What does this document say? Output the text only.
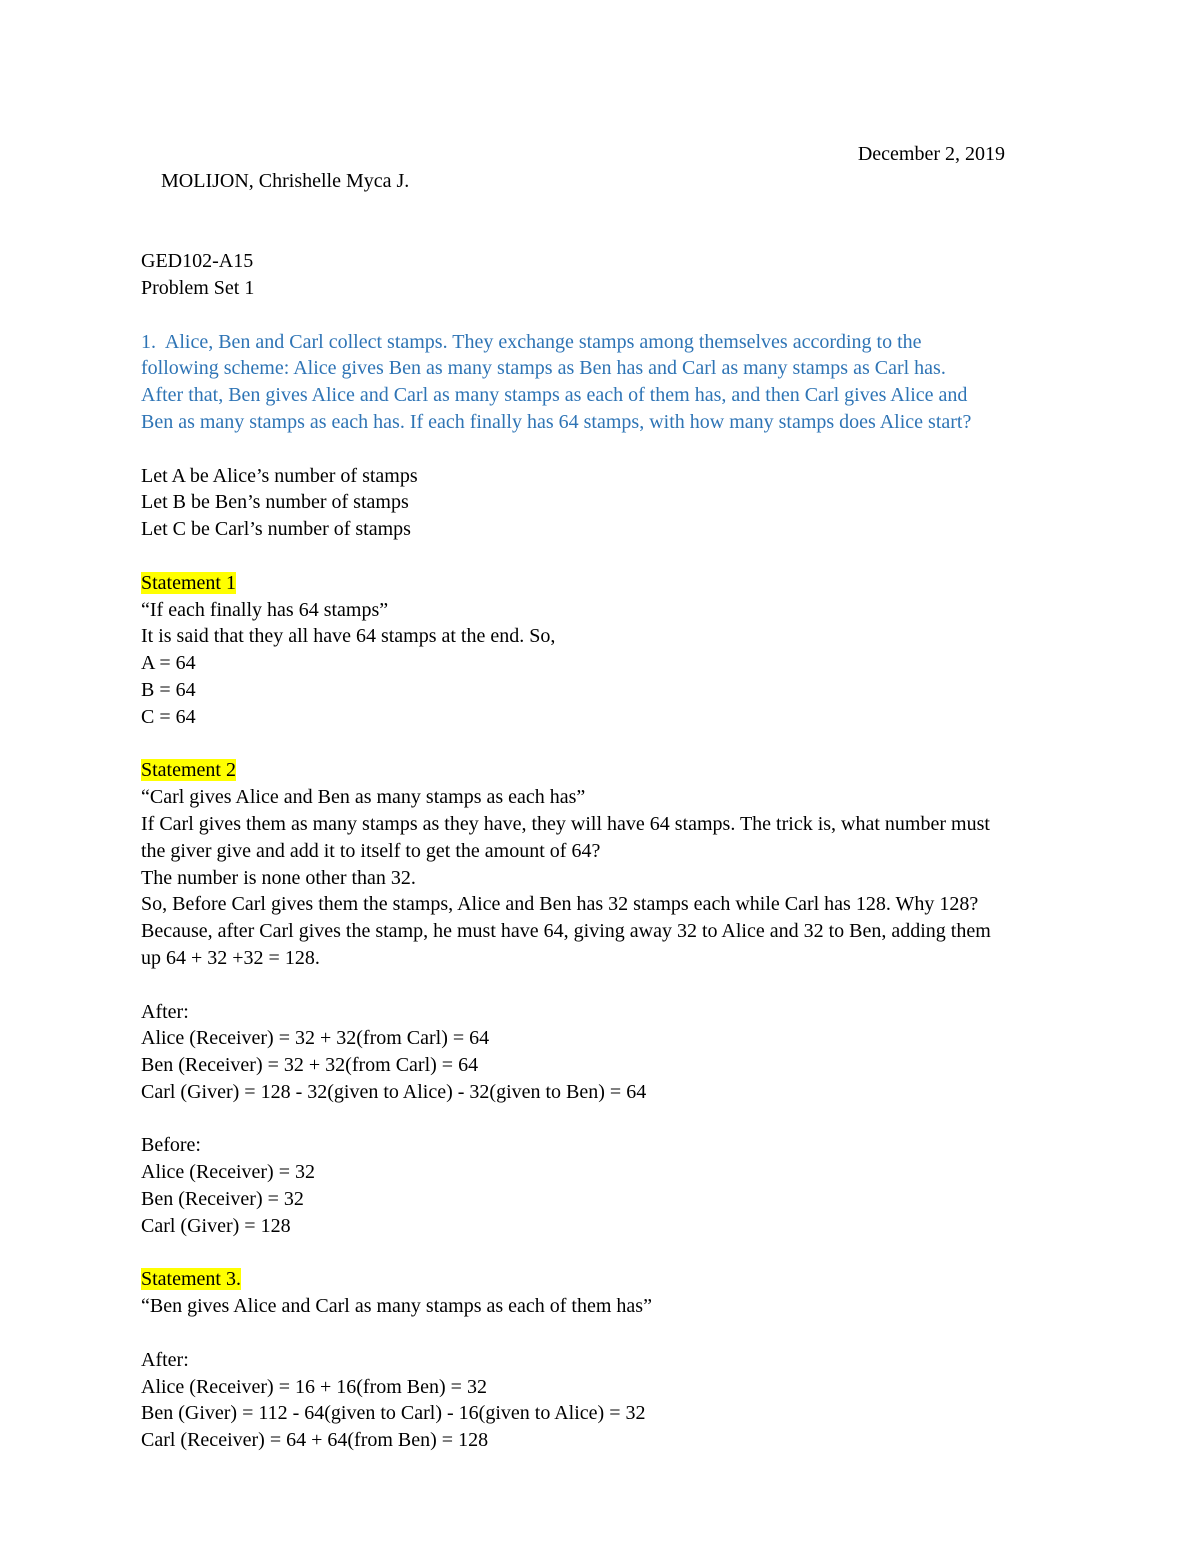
MOLIJON, Chrishelle Myca J.

December 2, 2019

GED102-A15
Problem Set 1
1.  Alice, Ben and Carl collect stamps. They exchange stamps among themselves according to the
following scheme: Alice gives Ben as many stamps as Ben has and Carl as many stamps as Carl has.
After that, Ben gives Alice and Carl as many stamps as each of them has, and then Carl gives Alice and
Ben as many stamps as each has. If each finally has 64 stamps, with how many stamps does Alice start?
Let A be Alice’s number of stamps
Let B be Ben’s number of stamps
Let C be Carl’s number of stamps
Statement 1
“If each finally has 64 stamps”
It is said that they all have 64 stamps at the end. So,
A = 64
B = 64
C = 64
Statement 2
“Carl gives Alice and Ben as many stamps as each has”
If Carl gives them as many stamps as they have, they will have 64 stamps. The trick is, what number must
the giver give and add it to itself to get the amount of 64?
The number is none other than 32.
So, Before Carl gives them the stamps, Alice and Ben has 32 stamps each while Carl has 128. Why 128?
Because, after Carl gives the stamp, he must have 64, giving away 32 to Alice and 32 to Ben, adding them
up 64 + 32 +32 = 128.
After:
Alice (Receiver) = 32 + 32(from Carl) = 64
Ben (Receiver) = 32 + 32(from Carl) = 64
Carl (Giver) = 128 - 32(given to Alice) - 32(given to Ben) = 64
Before:
Alice (Receiver) = 32
Ben (Receiver) = 32
Carl (Giver) = 128
Statement 3.
“Ben gives Alice and Carl as many stamps as each of them has”
After:
Alice (Receiver) = 16 + 16(from Ben) = 32
Ben (Giver) = 112 - 64(given to Carl) - 16(given to Alice) = 32
Carl (Receiver) = 64 + 64(from Ben) = 128
